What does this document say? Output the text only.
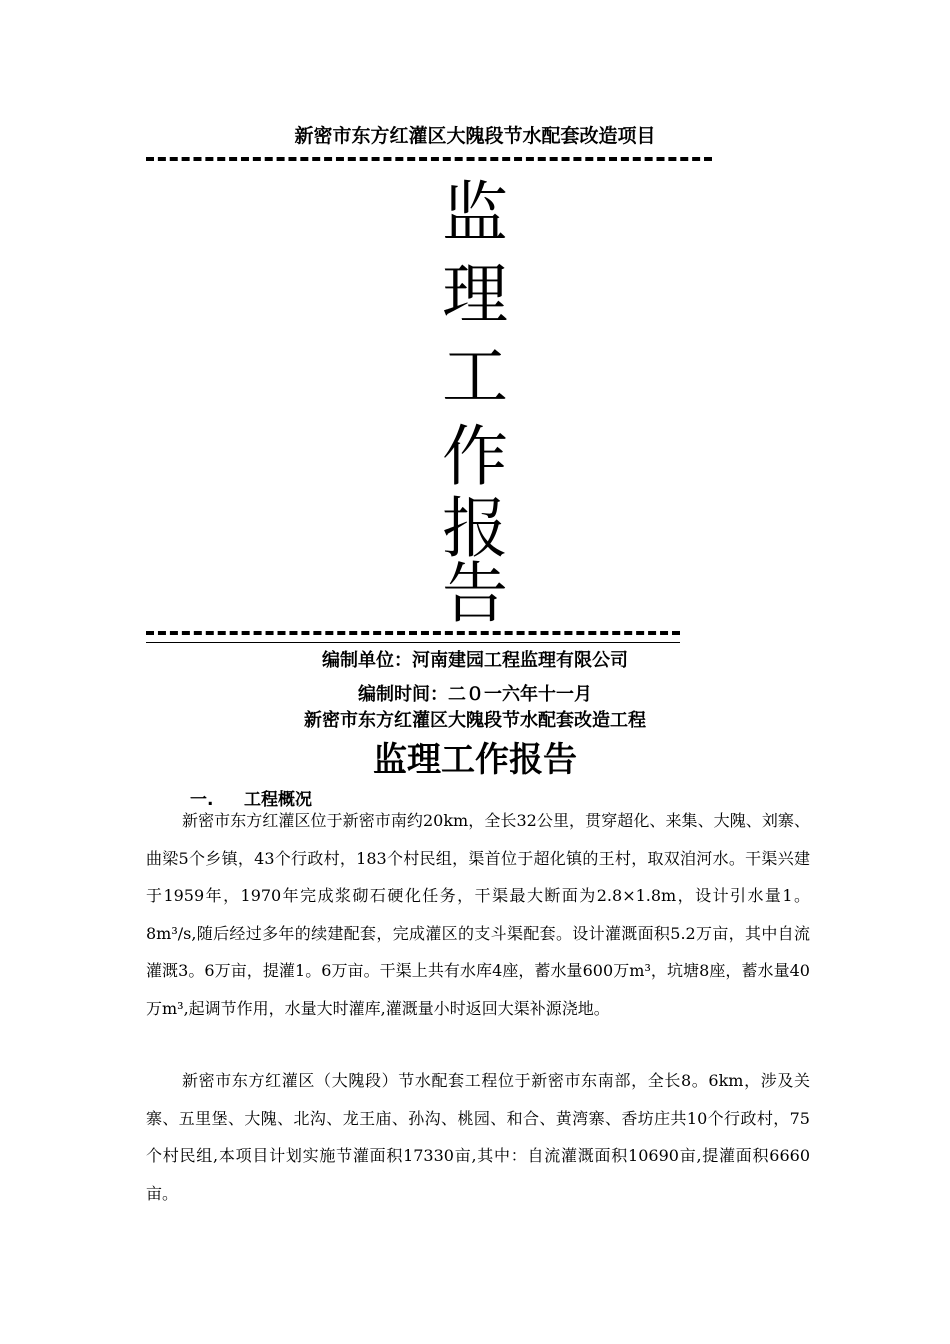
新密市东方红灌区大隗段节水配套改造项目
监
理
工
作
报
告
编制单位：河南建园工程监理有限公司
编制时间：二０一六年十一月
新密市东方红灌区大隗段节水配套改造工程
监理工作报告
一. 工程概况

新密市东方红灌区位于新密市南约20km，全长32公里，贯穿超化、来集、大隗、刘寨、曲梁5个乡镇，43个行政村，183个村民组，渠首位于超化镇的王村，取双洎河水。干渠兴建于1959年，1970年完成浆砌石硬化任务，干渠最大断面为2.8×1.8m，设计引水量1。8m³/s,随后经过多年的续建配套，完成灌区的支斗渠配套。设计灌溉面积5.2万亩，其中自流灌溉3。6万亩，提灌1。6万亩。干渠上共有水库4座，蓄水量600万m³，坑塘8座，蓄水量40万m³,起调节作用，水量大时灌库,灌溉量小时返回大渠补源浇地。

新密市东方红灌区（大隗段）节水配套工程位于新密市东南部，全长8。6km，涉及关寨、五里堡、大隗、北沟、龙王庙、孙沟、桃园、和合、黄湾寨、香坊庄共10个行政村，75个村民组,本项目计划实施节灌面积17330亩,其中：自流灌溉面积10690亩,提灌面积6660亩。
